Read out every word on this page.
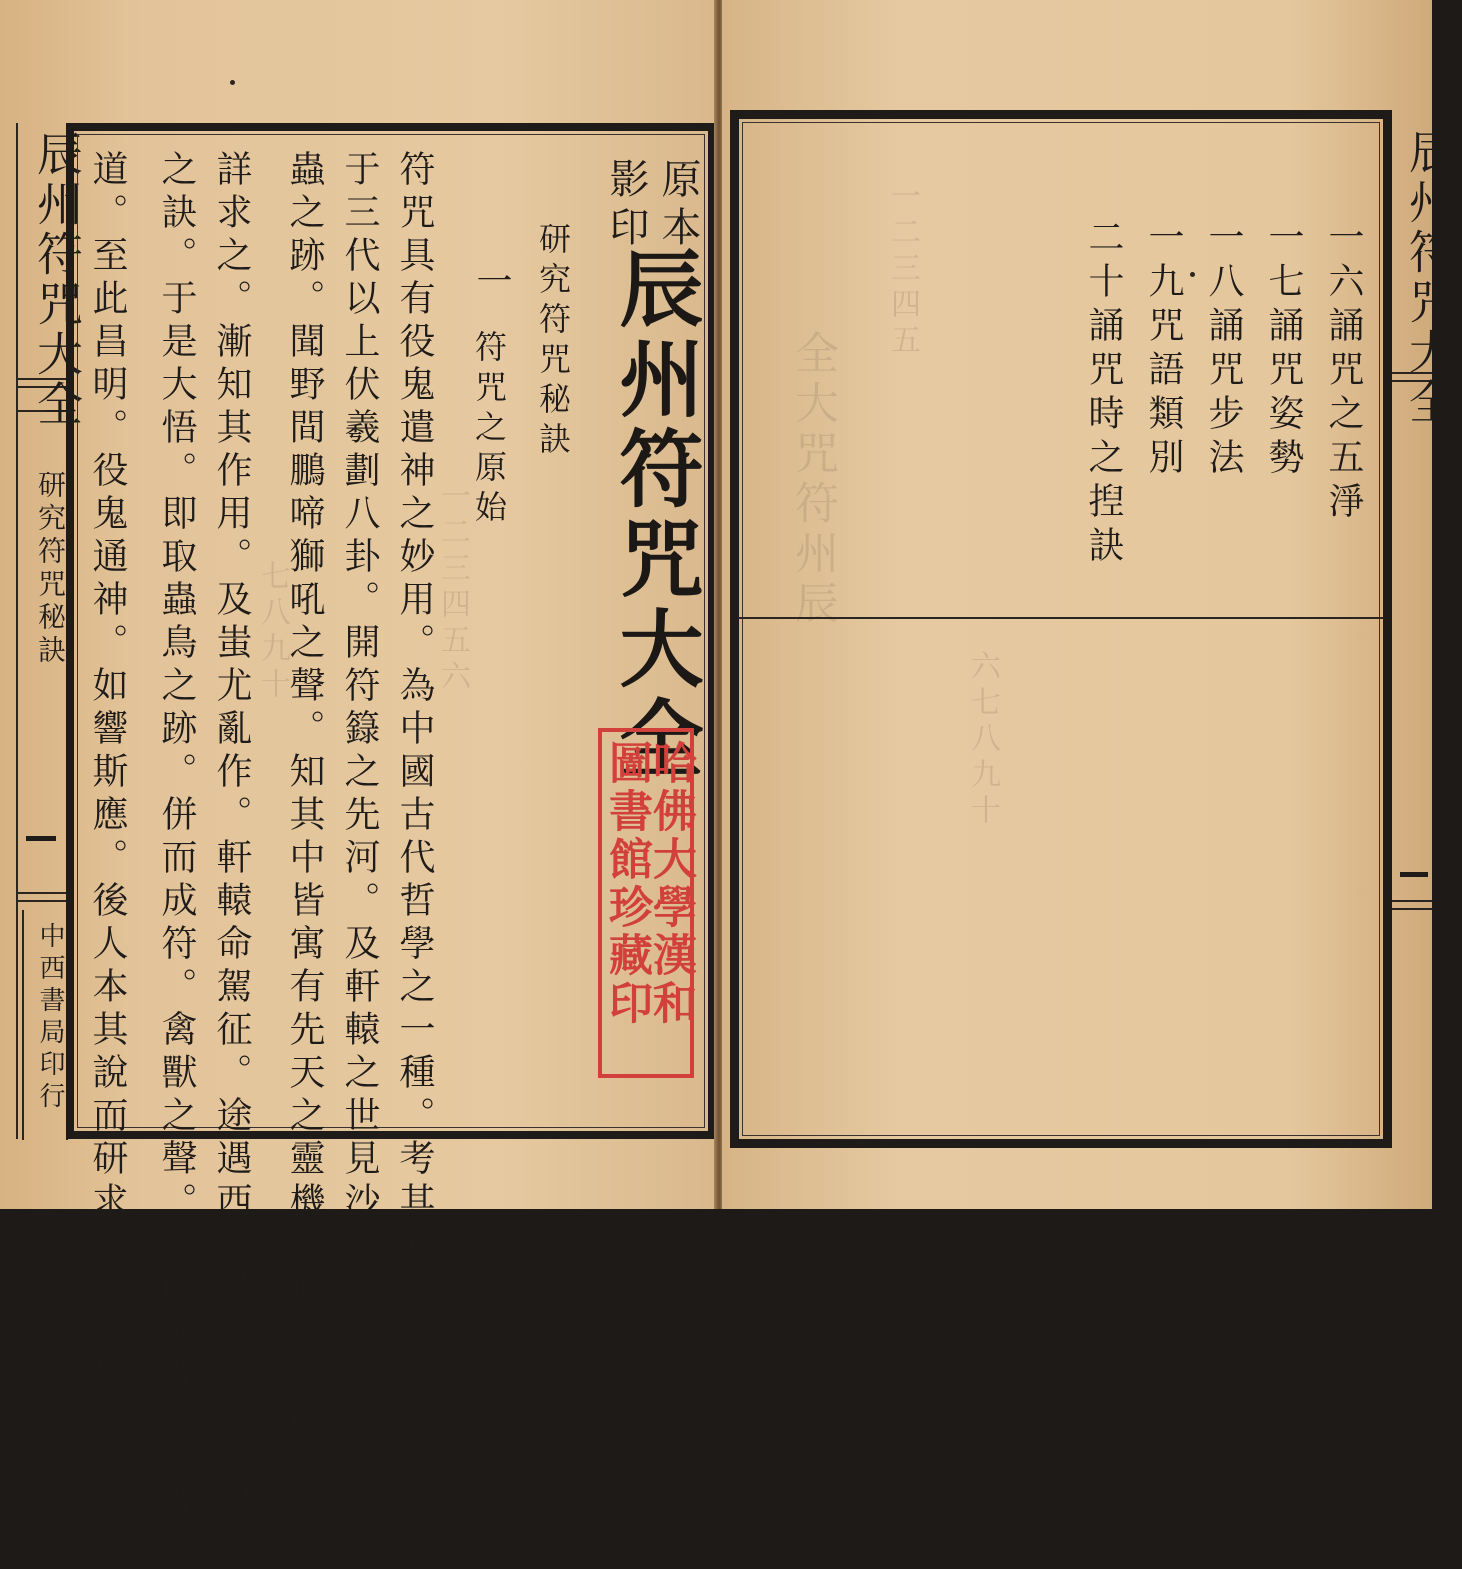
一二三四五六
七八九十
辰州符咒大全
研究符咒秘訣
中西書局印行	符咒具有役鬼遣神之妙用。為中國古代哲學之一種。考其原始。實出
于三代以上伏羲劃八卦。開符籙之先河。及軒轅之世見沙中仙鳥靈
蟲之跡。聞野間鵬啼獅吼之聲。知其中皆寓有先天之靈機。迺推闡而
詳求之。漸知其作用。及蚩尤亂作。軒轅命駕征。途遇西王母。授以符咒
之訣。于是大悟。即取蟲鳥之跡。併而成符。禽獸之聲。繹而成咒。符咒之
道。至此昌明。役鬼通神。如響斯應。後人本其說而研求之。益覺精進。至	原本
影印
辰州符咒大全
研究符咒秘訣
一
符咒之原始
哈佛大學漢和
圖書館珍藏印
全大咒符州辰
一二三四五
六七八九十
一六誦咒之五淨
一七誦咒姿勢
一八誦咒步法
一九咒語類別
二十誦咒時之揑訣	辰州符咒大全
